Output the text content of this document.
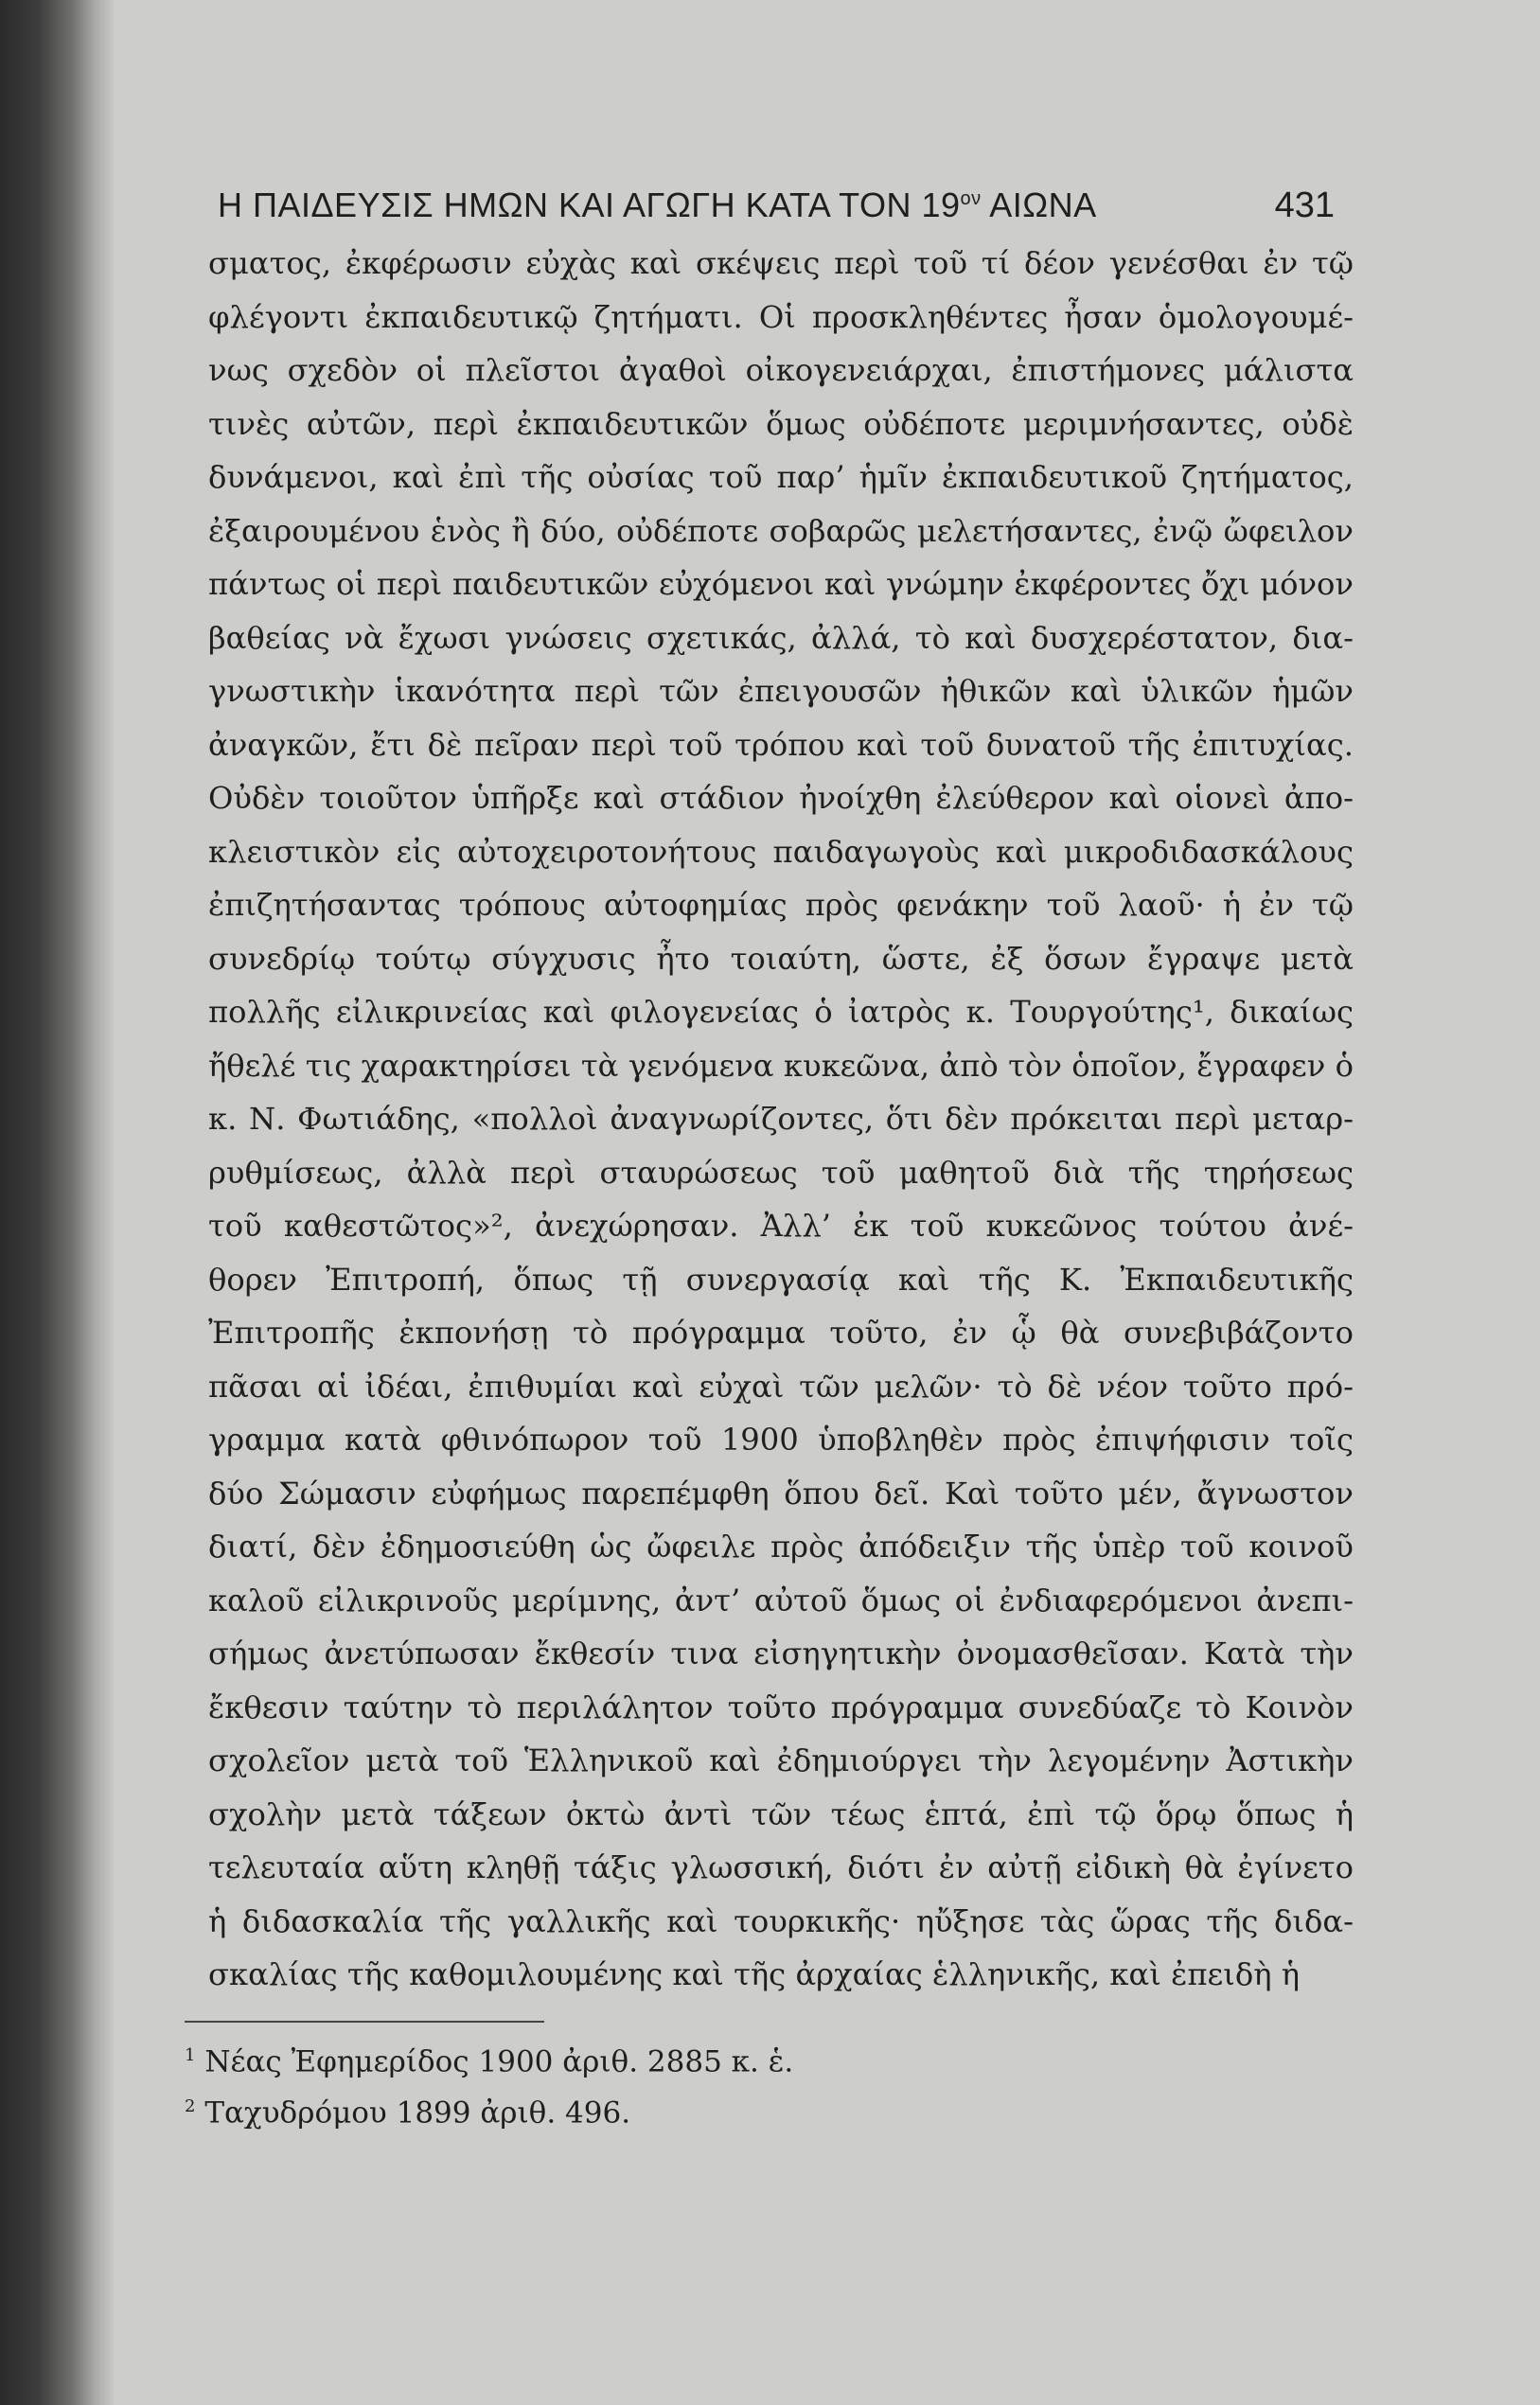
Η ΠΑΙΔΕΥΣΙΣ ΗΜΩΝ ΚΑΙ ΑΓΩΓΗ ΚΑΤΑ ΤΟΝ $19^{o\nu}$ ΑΙΩΝΑ	431
σματος, ἐκφέρωσιν εὐχὰς καὶ σκέψεις περὶ τοῦ τί δέον γενέσθαι ἐν τῷ
φλέγοντι ἐκπαιδευτικῷ ζητήματι. Οἱ προσκληθέντες ἦσαν ὁμολογουμέ-
νως σχεδὸν οἱ πλεῖστοι ἀγαθοὶ οἰκογενειάρχαι, ἐπιστήμονες μάλιστα
τινὲς αὐτῶν, περὶ ἐκπαιδευτικῶν ὅμως οὐδέποτε μεριμνήσαντες, οὐδὲ
δυνάμενοι, καὶ ἐπὶ τῆς οὐσίας τοῦ παρ’ ἡμῖν ἐκπαιδευτικοῦ ζητήματος,
ἐξαιρουμένου ἑνὸς ἢ δύο, οὐδέποτε σοβαρῶς μελετήσαντες, ἐνῷ ὤφειλον
πάντως οἱ περὶ παιδευτικῶν εὐχόμενοι καὶ γνώμην ἐκφέροντες ὄχι μόνον
βαθείας νὰ ἔχωσι γνώσεις σχετικάς, ἀλλά, τὸ καὶ δυσχερέστατον, δια-
γνωστικὴν ἱκανότητα περὶ τῶν ἐπειγουσῶν ἠθικῶν καὶ ὑλικῶν ἡμῶν
ἀναγκῶν, ἔτι δὲ πεῖραν περὶ τοῦ τρόπου καὶ τοῦ δυνατοῦ τῆς ἐπιτυχίας.
Οὐδὲν τοιοῦτον ὑπῆρξε καὶ στάδιον ἠνοίχθη ἐλεύθερον καὶ οἱονεὶ ἀπο-
κλειστικὸν εἰς αὐτοχειροτονήτους παιδαγωγοὺς καὶ μικροδιδασκάλους
ἐπιζητήσαντας τρόπους αὐτοφημίας πρὸς φενάκην τοῦ λαοῦ· ἡ ἐν τῷ
συνεδρίῳ τούτῳ σύγχυσις ἦτο τοιαύτη, ὥστε, ἐξ ὅσων ἔγραψε μετὰ
πολλῆς εἰλικρινείας καὶ φιλογενείας ὁ ἰατρὸς κ. Τουργούτης¹, δικαίως
ἤθελέ τις χαρακτηρίσει τὰ γενόμενα κυκεῶνα, ἀπὸ τὸν ὁποῖον, ἔγραφεν ὁ
κ. Ν. Φωτιάδης, «πολλοὶ ἀναγνωρίζοντες, ὅτι δὲν πρόκειται περὶ μεταρ-
ρυθμίσεως, ἀλλὰ περὶ σταυρώσεως τοῦ μαθητοῦ διὰ τῆς τηρήσεως
τοῦ καθεστῶτος»², ἀνεχώρησαν. Ἀλλ’ ἐκ τοῦ κυκεῶνος τούτου ἀνέ-
θορεν Ἐπιτροπή, ὅπως τῇ συνεργασίᾳ καὶ τῆς Κ. Ἐκπαιδευτικῆς
Ἐπιτροπῆς ἐκπονήσῃ τὸ πρόγραμμα τοῦτο, ἐν ᾧ θὰ συνεβιβάζοντο
πᾶσαι αἱ ἰδέαι, ἐπιθυμίαι καὶ εὐχαὶ τῶν μελῶν· τὸ δὲ νέον τοῦτο πρό-
γραμμα κατὰ φθινόπωρον τοῦ 1900 ὑποβληθὲν πρὸς ἐπιψήφισιν τοῖς
δύο Σώμασιν εὐφήμως παρεπέμφθη ὅπου δεῖ. Καὶ τοῦτο μέν, ἄγνωστον
διατί, δὲν ἐδημοσιεύθη ὡς ὤφειλε πρὸς ἀπόδειξιν τῆς ὑπὲρ τοῦ κοινοῦ
καλοῦ εἰλικρινοῦς μερίμνης, ἀντ’ αὐτοῦ ὅμως οἱ ἐνδιαφερόμενοι ἀνεπι-
σήμως ἀνετύπωσαν ἔκθεσίν τινα εἰσηγητικὴν ὀνομασθεῖσαν. Κατὰ τὴν
ἔκθεσιν ταύτην τὸ περιλάλητον τοῦτο πρόγραμμα συνεδύαζε τὸ Κοινὸν
σχολεῖον μετὰ τοῦ Ἑλληνικοῦ καὶ ἐδημιούργει τὴν λεγομένην Ἀστικὴν
σχολὴν μετὰ τάξεων ὀκτὼ ἀντὶ τῶν τέως ἑπτά, ἐπὶ τῷ ὅρῳ ὅπως ἡ
τελευταία αὕτη κληθῇ τάξις γλωσσική, διότι ἐν αὐτῇ εἰδικὴ θὰ ἐγίνετο
ἡ διδασκαλία τῆς γαλλικῆς καὶ τουρκικῆς· ηὔξησε τὰς ὥρας τῆς διδα-
σκαλίας τῆς καθομιλουμένης καὶ τῆς ἀρχαίας ἑλληνικῆς, καὶ ἐπειδὴ ἡ
$^1$ Νέας Ἐφημερίδος 1900 ἀριθ. 2885 κ. ἑ.
$^2$ Ταχυδρόμου 1899 ἀριθ. 496.
